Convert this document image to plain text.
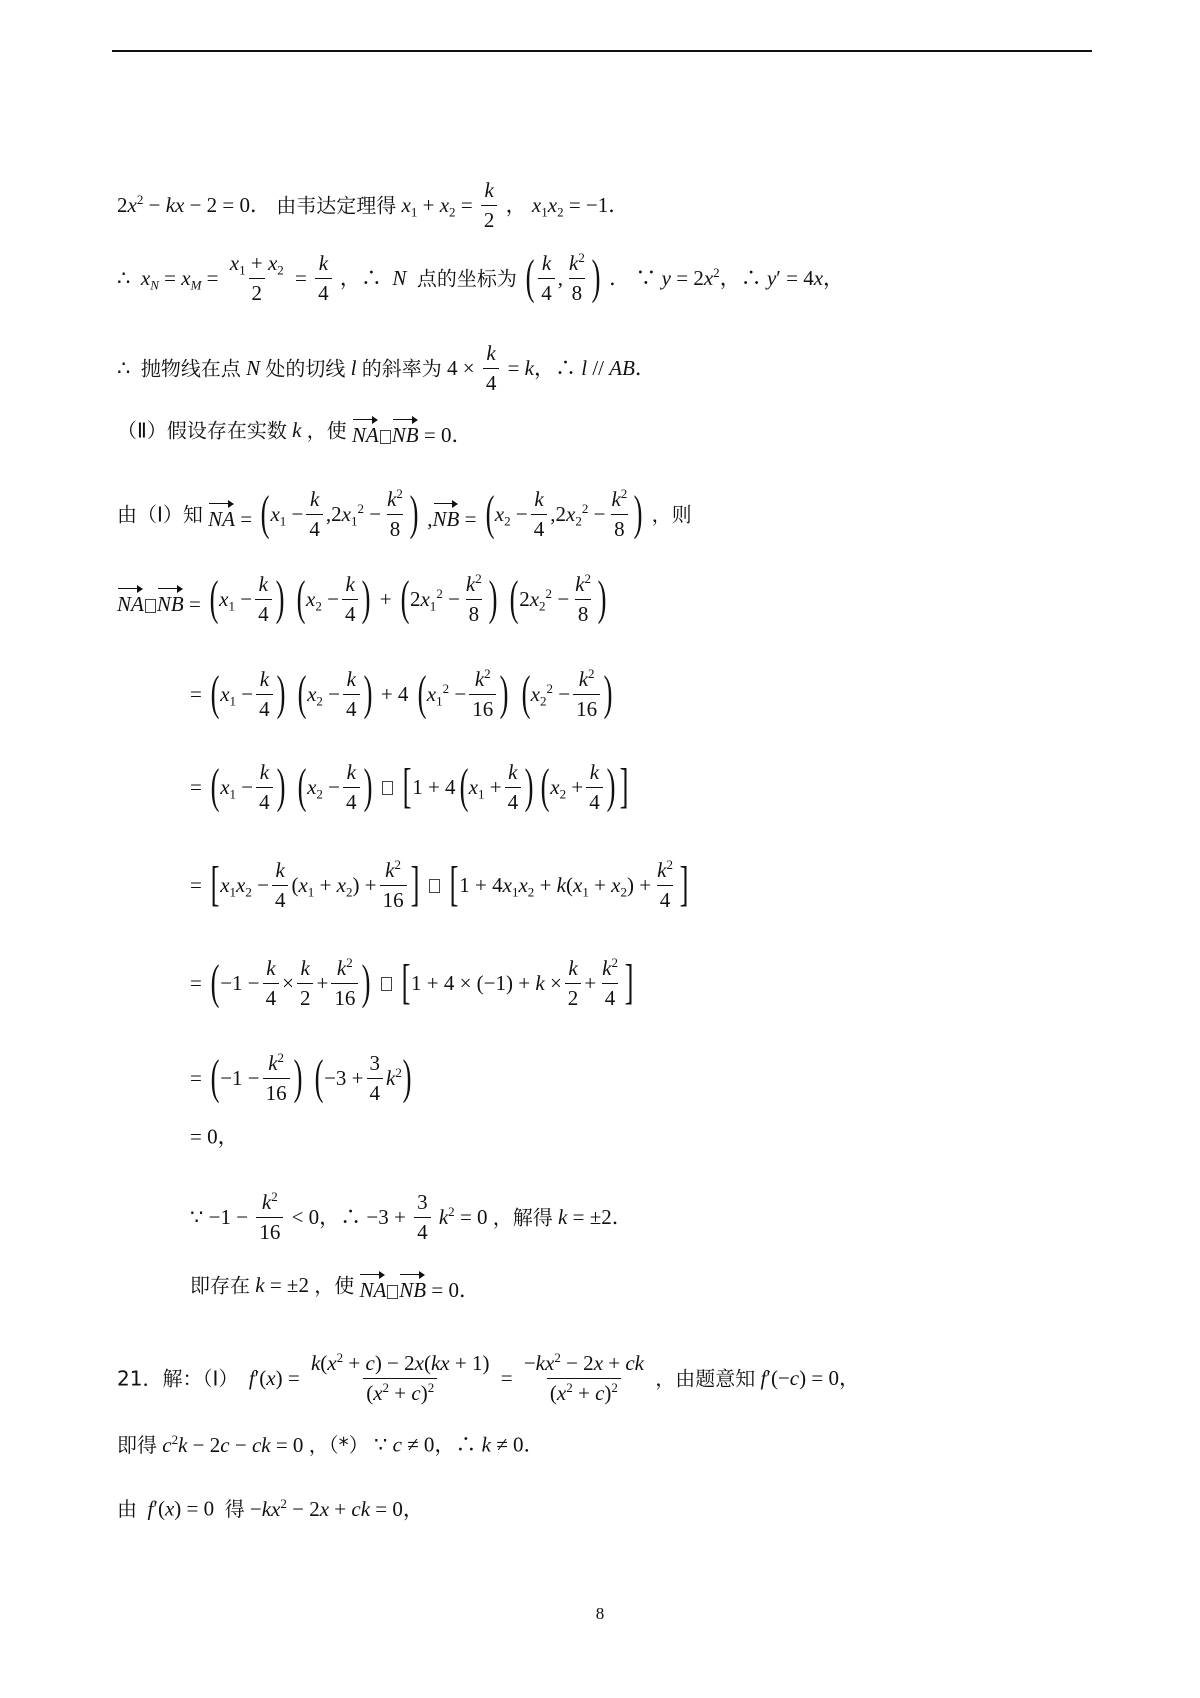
$2x^2$ − kx − 2 = 0． 由韦达定理得 $x_1 + x_2 = \frac{k}{2}$ ， $x_1x_2 = -1$．
∴  $x_N = x_M = \frac{x_1 + x_2}{2} = \frac{k}{4}$ ，∴  N 点的坐标为 ( $\frac{k}{4}$ , $\frac{k^2}{8}$ ) ． ∵ $y = 2x^2$，∴ y′ = 4x，
∴  抛物线在点 N 处的切线 l 的斜率为 $4 \times \frac{k}{4} = k$，∴ l // AB．
（Ⅱ）假设存在实数 k ，使 NA NB = 0．
由（Ⅰ）知 NA = ( $x_1 - \frac{k}{4} ,2x_1^2 - \frac{k^2}{8}$ ) ,NB = ( $x_2 - \frac{k}{4} ,2x_2^2 - \frac{k^2}{8}$ ) ，则
NA NB = ( $x_1 - \frac{k}{4}$ )
( $x_2 - \frac{k}{4}$ ) + ( $2x_1^2 - \frac{k^2}{8}$ )
( $2x_2^2 - \frac{k^2}{8}$ )
= ( $x_1 - \frac{k}{4}$ )
( $x_2 - \frac{k}{4}$ ) + 4 ( $x_1^2 - \frac{k^2}{16}$ )
( $x_2^2 - \frac{k^2}{16}$ )
= ( $x_1 - \frac{k}{4}$ )
( $x_2 - \frac{k}{4}$ )
[ 1 + 4 ( $x_1 + \frac{k}{4}$ ) ( $x_2 + \frac{k}{4}$ ) ]
= [ $x_1x_2 - \frac{k}{4} (x_1 + x_2) + \frac{k^2}{16}$ ]
[ $1 + 4x_1x_2 + k(x_1 + x_2) + \frac{k^2}{4}$ ]
= ( $-1 - \frac{k}{4} \times \frac{k}{2} + \frac{k^2}{16}$ )
[ $1 + 4 \times (-1) + k \times \frac{k}{2} + \frac{k^2}{4}$ ]
= ( $-1 - \frac{k^2}{16}$ )
( $-3 + \frac{3}{4} k^2$ )
= 0，
∵ $-1 - \frac{k^2}{16} < 0$，∴ $-3 + \frac{3}{4} k^2 = 0$ ，解得 k = ±2．
即存在 k = ±2 ，使 NA NB = 0．
21．解：（Ⅰ） $f'(x) = \frac{k(x^2 + c) - 2x(kx + 1)}{(x^2 + c)^2} = \frac{-kx^2 - 2x + ck}{(x^2 + c)^2}$ ，由题意知 f′(−c) = 0，
即得 $c^2k - 2c$ − ck = 0 ，（*） ∵ c ≠ 0，∴ k ≠ 0．
由 f′(x) = 0  得 $-kx^2 - 2x$ + ck = 0，
8
